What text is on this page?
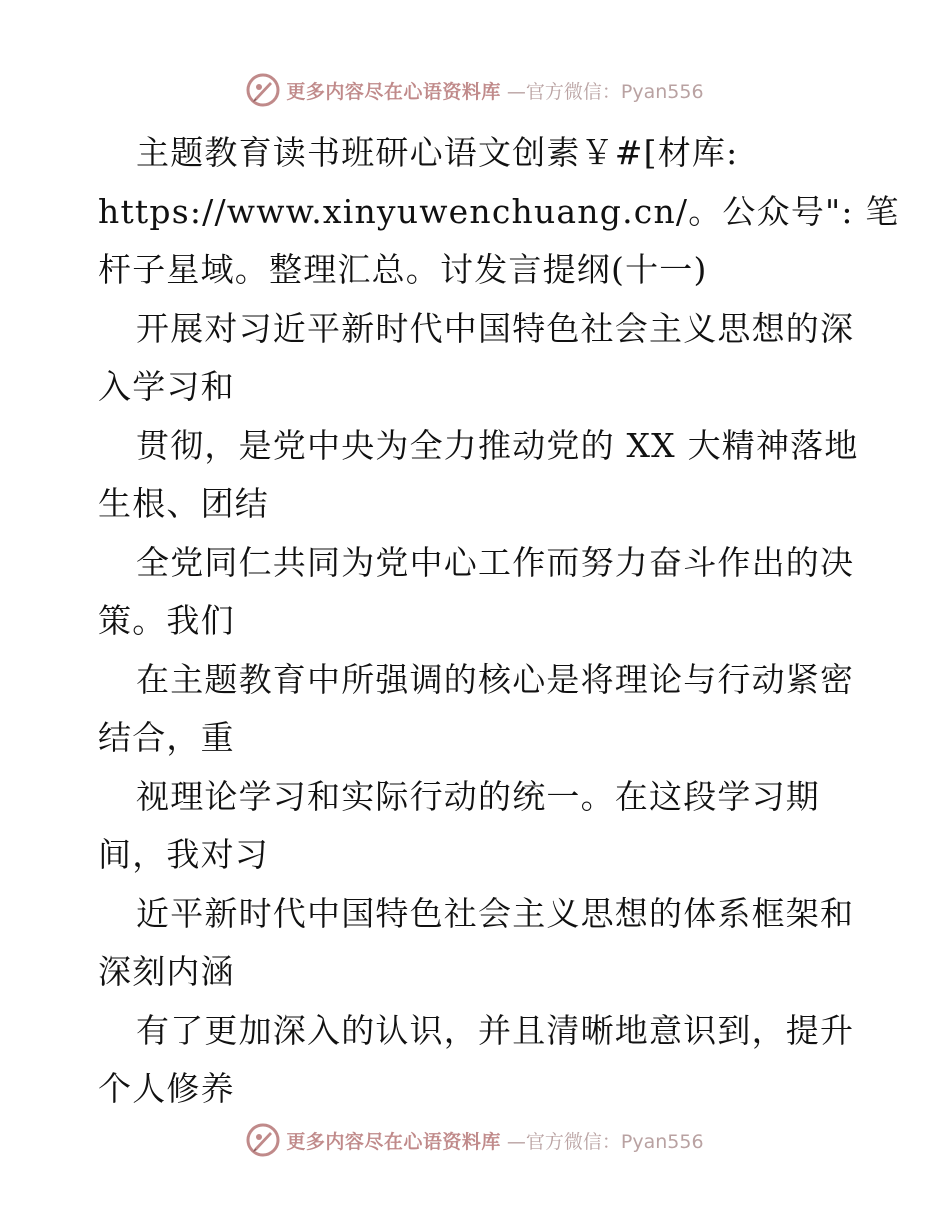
更多内容尽在心语资料库 —官方微信：Pyan556
主题教育读书班研心语文创素￥#[材库:
https://www.xinyuwenchuang.cn/。公众号": 笔
杆子星域。整理汇总。讨发言提纲(十一)
开展对习近平新时代中国特色社会主义思想的深
入学习和
贯彻，是党中央为全力推动党的 XX 大精神落地
生根、团结
全党同仁共同为党中心工作而努力奋斗作出的决
策。我们
在主题教育中所强调的核心是将理论与行动紧密
结合，重
视理论学习和实际行动的统一。在这段学习期
间，我对习
近平新时代中国特色社会主义思想的体系框架和
深刻内涵
有了更加深入的认识，并且清晰地意识到，提升
个人修养
更多内容尽在心语资料库 —官方微信：Pyan556
